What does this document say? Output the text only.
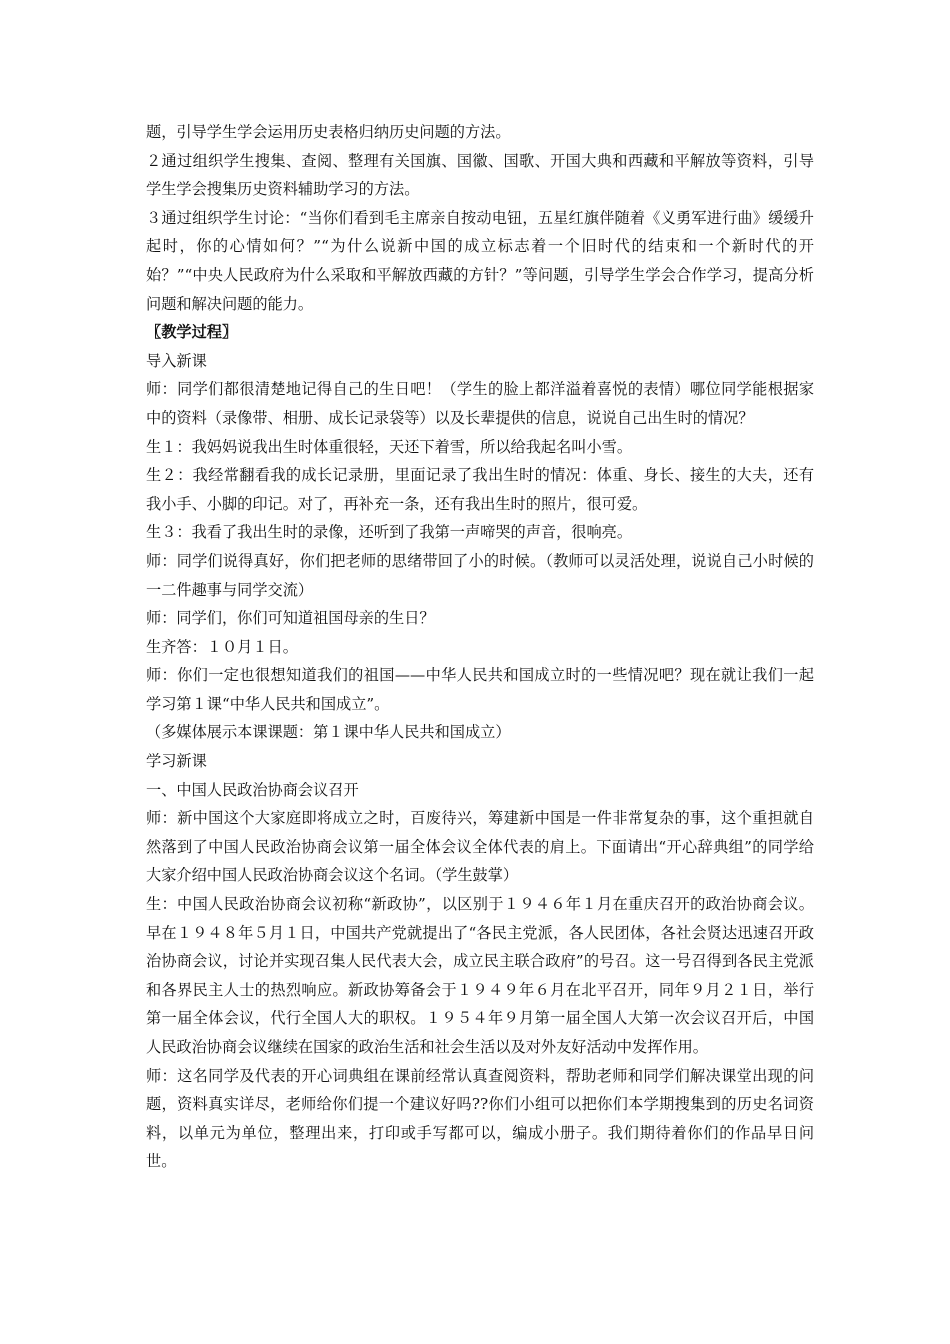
题，引导学生学会运用历史表格归纳历史问题的方法。

２通过组织学生搜集、查阅、整理有关国旗、国徽、国歌、开国大典和西藏和平解放等资料，引导学生学会搜集历史资料辅助学习的方法。

３通过组织学生讨论：“当你们看到毛主席亲自按动电钮，五星红旗伴随着《义勇军进行曲》缓缓升起时，你的心情如何？”“为什么说新中国的成立标志着一个旧时代的结束和一个新时代的开始？”“中央人民政府为什么采取和平解放西藏的方针？”等问题，引导学生学会合作学习，提高分析问题和解决问题的能力。

〖教学过程〗

导入新课

师：同学们都很清楚地记得自己的生日吧！（学生的脸上都洋溢着喜悦的表情）哪位同学能根据家中的资料（录像带、相册、成长记录袋等）以及长辈提供的信息，说说自己出生时的情况？

生１：我妈妈说我出生时体重很轻，天还下着雪，所以给我起名叫小雪。

生２：我经常翻看我的成长记录册，里面记录了我出生时的情况：体重、身长、接生的大夫，还有我小手、小脚的印记。对了，再补充一条，还有我出生时的照片，很可爱。

生３：我看了我出生时的录像，还听到了我第一声啼哭的声音，很响亮。

师：同学们说得真好，你们把老师的思绪带回了小的时候。（教师可以灵活处理，说说自己小时候的一二件趣事与同学交流）

师：同学们，你们可知道祖国母亲的生日？

生齐答：１０月１日。

师：你们一定也很想知道我们的祖国——中华人民共和国成立时的一些情况吧？现在就让我们一起学习第１课“中华人民共和国成立”。

（多媒体展示本课课题：第１课中华人民共和国成立）

学习新课

一、中国人民政治协商会议召开

师：新中国这个大家庭即将成立之时，百废待兴，筹建新中国是一件非常复杂的事，这个重担就自然落到了中国人民政治协商会议第一届全体会议全体代表的肩上。下面请出“开心辞典组”的同学给大家介绍中国人民政治协商会议这个名词。（学生鼓掌）

生：中国人民政治协商会议初称“新政协”，以区别于１９４６年１月在重庆召开的政治协商会议。早在１９４８年５月１日，中国共产党就提出了“各民主党派，各人民团体，各社会贤达迅速召开政治协商会议，讨论并实现召集人民代表大会，成立民主联合政府”的号召。这一号召得到各民主党派和各界民主人士的热烈响应。新政协筹备会于１９４９年６月在北平召开，同年９月２１日，举行第一届全体会议，代行全国人大的职权。１９５４年９月第一届全国人大第一次会议召开后，中国人民政治协商会议继续在国家的政治生活和社会生活以及对外友好活动中发挥作用。

师：这名同学及代表的开心词典组在课前经常认真查阅资料，帮助老师和同学们解决课堂出现的问题，资料真实详尽，老师给你们提一个建议好吗??你们小组可以把你们本学期搜集到的历史名词资料，以单元为单位，整理出来，打印或手写都可以，编成小册子。我们期待着你们的作品早日问世。
